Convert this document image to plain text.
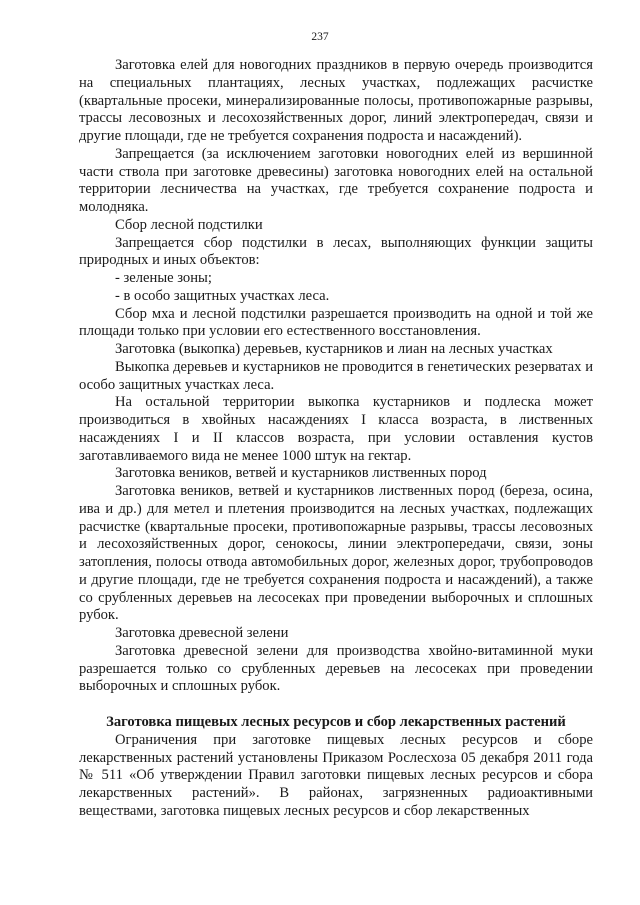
237

Заготовка елей для новогодних праздников в первую очередь производится на специальных плантациях, лесных участках, подлежащих расчистке (квартальные просеки, минерализированные полосы, противопожарные разрывы, трассы лесовозных и лесохозяйственных дорог, линий электропередач, связи и другие площади, где не требуется сохранения подроста и насаждений).

Запрещается (за исключением заготовки новогодних елей из вершинной части ствола при заготовке древесины) заготовка новогодних елей на остальной территории лесничества на участках, где требуется сохранение подроста и молодняка.

Сбор лесной подстилки

Запрещается сбор подстилки в лесах, выполняющих функции защиты природных и иных объектов:

- зеленые зоны;

- в особо защитных участках леса.

Сбор мха и лесной подстилки разрешается производить на одной и той же площади только при условии его естественного восстановления.

Заготовка (выкопка) деревьев, кустарников и лиан на лесных участках

Выкопка деревьев и кустарников не проводится в генетических резерватах и особо защитных участках леса.

На остальной территории выкопка кустарников и подлеска может производиться в хвойных насаждениях I класса возраста, в лиственных насаждениях I и II классов возраста, при условии оставления кустов заготавливаемого вида не менее 1000 штук на гектар.

Заготовка веников, ветвей и кустарников лиственных пород

Заготовка веников, ветвей и кустарников лиственных пород (береза, осина, ива и др.) для метел и плетения производится на лесных участках, подлежащих расчистке (квартальные просеки, противопожарные разрывы, трассы лесовозных и лесохозяйственных дорог, сенокосы, линии электропередачи, связи, зоны затопления, полосы отвода автомобильных дорог, железных дорог, трубопроводов и другие площади, где не требуется сохранения подроста и насаждений), а также со срубленных деревьев на лесосеках при проведении выборочных и сплошных рубок.

Заготовка древесной зелени

Заготовка древесной зелени для производства хвойно-витаминной муки разрешается только со срубленных деревьев на лесосеках при проведении выборочных и сплошных рубок.

Заготовка пищевых лесных ресурсов и сбор лекарственных растений

Ограничения при заготовке пищевых лесных ресурсов и сборе лекарственных растений установлены Приказом Рослесхоза 05 декабря 2011 года № 511 «Об утверждении Правил заготовки пищевых лесных ресурсов и сбора лекарственных растений». В районах, загрязненных радиоактивными веществами, заготовка пищевых лесных ресурсов и сбор лекарственных
